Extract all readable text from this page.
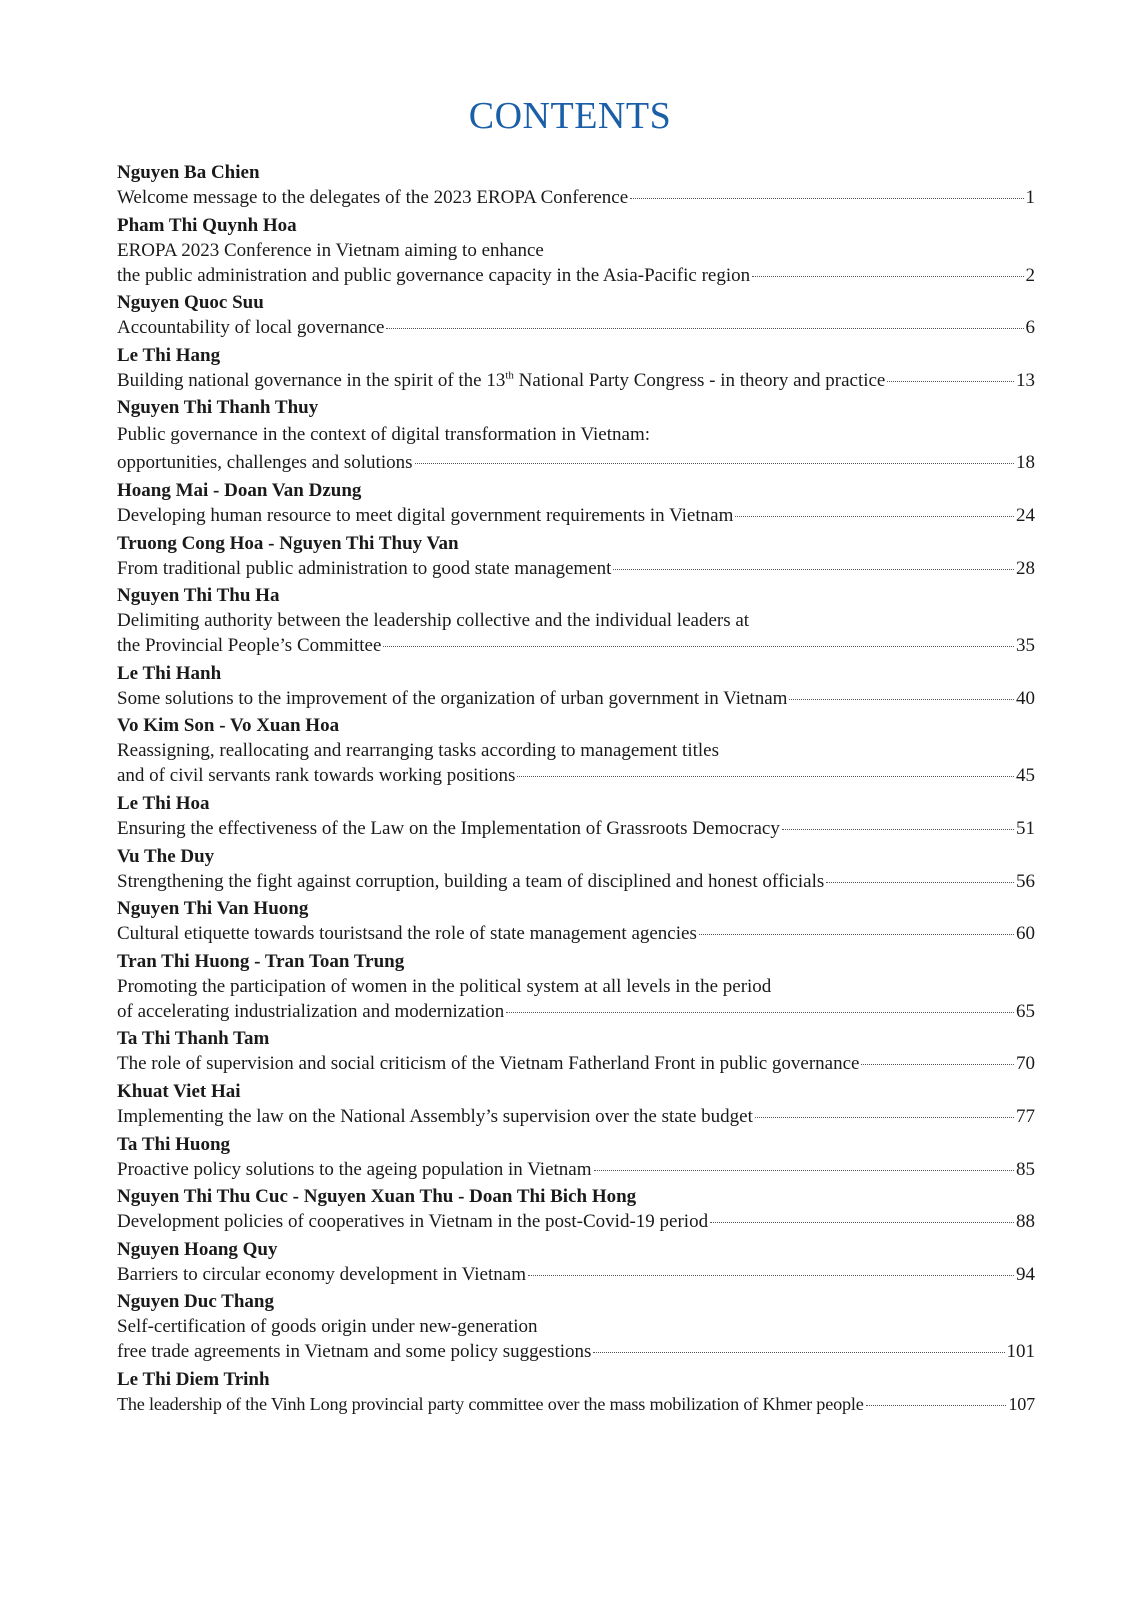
CONTENTS
Nguyen Ba Chien
Welcome message to the delegates of the 2023 EROPA Conference	1
Pham Thi Quynh Hoa
EROPA 2023 Conference in Vietnam aiming to enhance
the public administration and public governance capacity in the Asia-Pacific region	2
Nguyen Quoc Suu
Accountability of local governance	6
Le Thi Hang
Building national governance in the spirit of the 13th National Party Congress - in theory and practice	13
Nguyen Thi Thanh Thuy
Public governance in the context of digital transformation in Vietnam:
opportunities, challenges and solutions	18
Hoang Mai - Doan Van Dzung
Developing human resource to meet digital government requirements in Vietnam	24
Truong Cong Hoa - Nguyen Thi Thuy Van
From traditional public administration to good state management	28
Nguyen Thi Thu Ha
Delimiting authority between the leadership collective and the individual leaders at
the Provincial People’s Committee	35
Le Thi Hanh
Some solutions to the improvement of the organization of urban government in Vietnam	40
Vo Kim Son - Vo Xuan Hoa
Reassigning, reallocating and rearranging tasks according to management titles
and of civil servants rank towards working positions	45
Le Thi Hoa
Ensuring the effectiveness of the Law on the Implementation of Grassroots Democracy	51
Vu The Duy
Strengthening the fight against corruption, building a team of disciplined and honest officials	56
Nguyen Thi Van Huong
Cultural etiquette towards touristsand the role of state management agencies	60
Tran Thi Huong - Tran Toan Trung
Promoting the participation of women in the political system at all levels in the period
of accelerating industrialization and modernization	65
Ta Thi Thanh Tam
The role of supervision and social criticism of the Vietnam Fatherland Front in public governance	70
Khuat Viet Hai
Implementing the law on the National Assembly’s supervision over the state budget	77
Ta Thi Huong
Proactive policy solutions to the ageing population in Vietnam	85
Nguyen Thi Thu Cuc - Nguyen Xuan Thu - Doan Thi Bich Hong
Development policies of cooperatives in Vietnam in the post-Covid-19 period	88
Nguyen Hoang Quy
Barriers to circular economy development in Vietnam	94
Nguyen Duc Thang
Self-certification of goods origin under new-generation
free trade agreements in Vietnam and some policy suggestions	101
Le Thi Diem Trinh
The leadership of the Vinh Long provincial party committee over the mass mobilization of Khmer people	107
